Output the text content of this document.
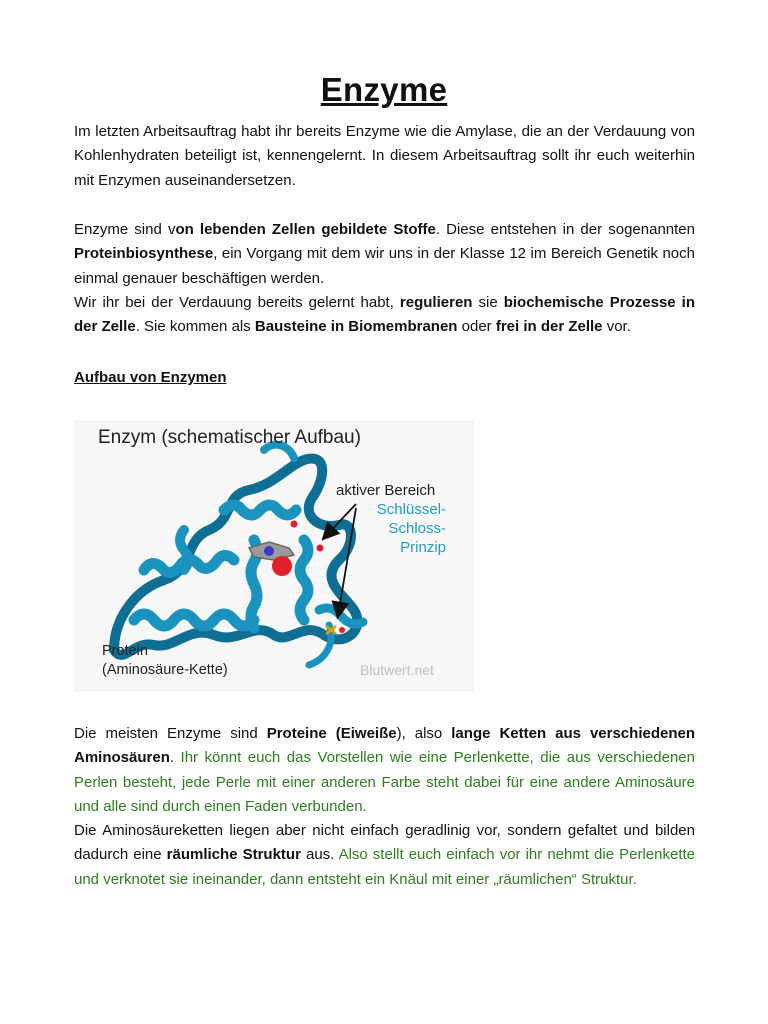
Enzyme

Im letzten Arbeitsauftrag habt ihr bereits Enzyme wie die Amylase, die an der Verdauung von Kohlenhydraten beteiligt ist, kennengelernt. In diesem Arbeitsauftrag sollt ihr euch weiterhin mit Enzymen auseinandersetzen.

Enzyme sind von lebenden Zellen gebildete Stoffe. Diese entstehen in der sogenannten Proteinbiosynthese, ein Vorgang mit dem wir uns in der Klasse 12 im Bereich Genetik noch einmal genauer beschäftigen werden.

Wir ihr bei der Verdauung bereits gelernt habt, regulieren sie biochemische Prozesse in der Zelle. Sie kommen als Bausteine in Biomembranen oder frei in der Zelle vor.

Aufbau von Enzymen
Enzym (schematischer Aufbau)
aktiver Bereich
Schlüssel-
Schloss-
Prinzip
Protein
(Aminosäure-Kette)	Blutwert.net

Die meisten Enzyme sind Proteine (Eiweiße), also lange Ketten aus verschiedenen Aminosäuren. Ihr könnt euch das Vorstellen wie eine Perlenkette, die aus verschiedenen Perlen besteht, jede Perle mit einer anderen Farbe steht dabei für eine andere Aminosäure und alle sind durch einen Faden verbunden.

Die Aminosäureketten liegen aber nicht einfach geradlinig vor, sondern gefaltet und bilden dadurch eine räumliche Struktur aus. Also stellt euch einfach vor ihr nehmt die Perlenkette und verknotet sie ineinander, dann entsteht ein Knäul mit einer „räumlichen“ Struktur.
